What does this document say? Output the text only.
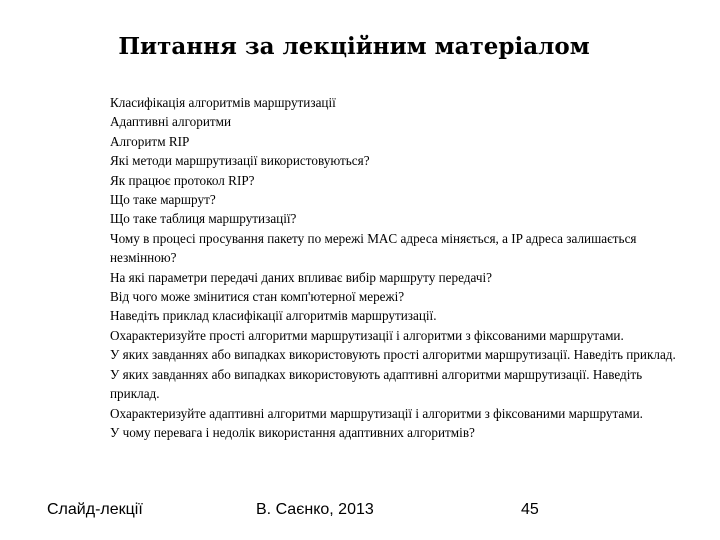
Питання за лекційним матеріалом
Класифікація алгоритмів маршрутизації
Адаптивні алгоритми
Алгоритм RIP
Які методи маршрутизації використовуються?
Як працює протокол RIP?
Що таке маршрут?
Що таке таблиця маршрутизації?
Чому в процесі просування пакету по мережі MAC адреса міняється, а IP адреса залишається незмінною?
На які параметри передачі даних впливає вибір маршруту передачі?
Від чого може змінитися стан комп'ютерної мережі?
Наведіть приклад класифікації алгоритмів маршрутизації.
Охарактеризуйте прості алгоритми маршрутизації і алгоритми з фіксованими маршрутами.
У яких завданнях або випадках використовують прості алгоритми маршрутизації. Наведіть приклад.
У яких завданнях або випадках використовують адаптивні алгоритми маршрутизації. Наведіть приклад.
Охарактеризуйте адаптивні алгоритми маршрутизації і алгоритми з фіксованими маршрутами.
У чому перевага і недолік використання адаптивних алгоритмів?
Слайд-лекції	В. Саєнко, 2013	45
